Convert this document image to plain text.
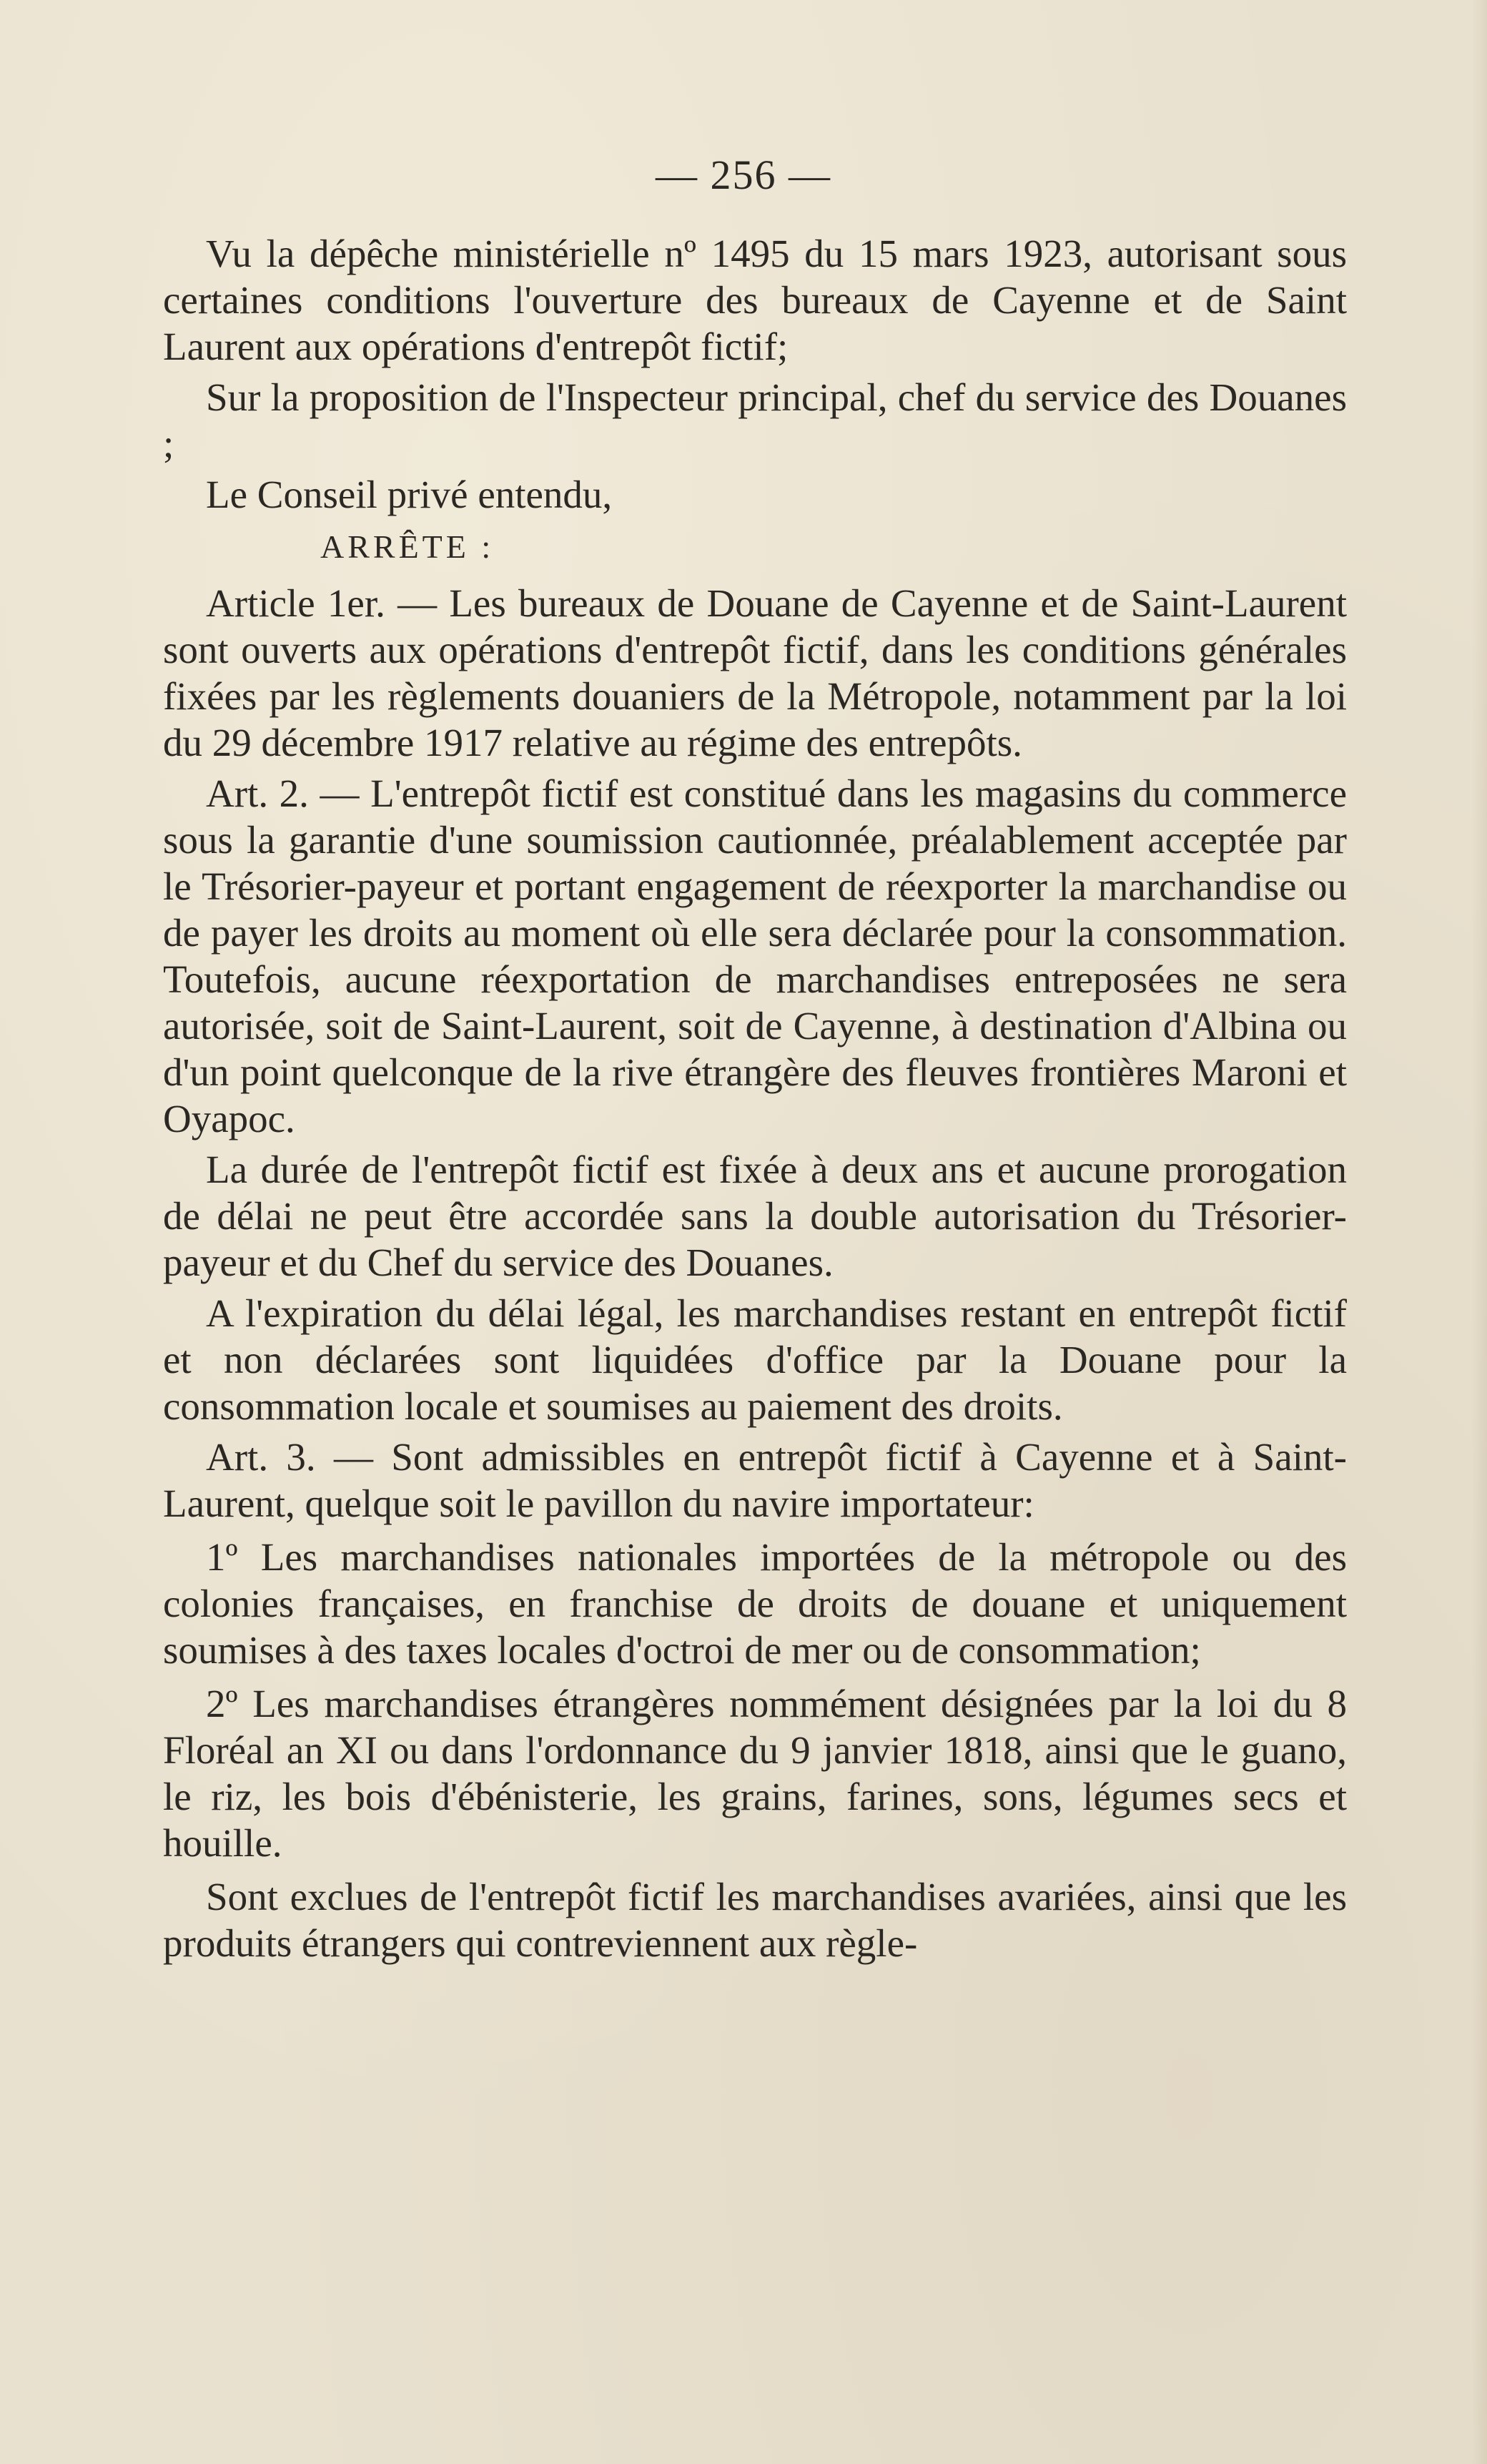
— 256 —

Vu la dépêche ministérielle nº 1495 du 15 mars 1923, autorisant sous certaines conditions l'ouverture des bureaux de Cayenne et de Saint Laurent aux opérations d'entrepôt fictif;

Sur la proposition de l'Inspecteur principal, chef du service des Douanes ;

Le Conseil privé entendu,

ARRÊTE :

Article 1er. — Les bureaux de Douane de Cayenne et de Saint-Laurent sont ouverts aux opérations d'entrepôt fictif, dans les conditions générales fixées par les règlements douaniers de la Métropole, notamment par la loi du 29 décembre 1917 relative au régime des entrepôts.

Art. 2. — L'entrepôt fictif est constitué dans les magasins du commerce sous la garantie d'une soumission cautionnée, préalablement acceptée par le Trésorier-payeur et portant engagement de réexporter la marchandise ou de payer les droits au moment où elle sera déclarée pour la consommation. Toutefois, aucune réexportation de marchandises entreposées ne sera autorisée, soit de Saint-Laurent, soit de Cayenne, à destination d'Albina ou d'un point quelconque de la rive étrangère des fleuves frontières Maroni et Oyapoc.

La durée de l'entrepôt fictif est fixée à deux ans et aucune prorogation de délai ne peut être accordée sans la double autorisation du Trésorier-payeur et du Chef du service des Douanes.

A l'expiration du délai légal, les marchandises restant en entrepôt fictif et non déclarées sont liquidées d'office par la Douane pour la consommation locale et soumises au paiement des droits.

Art. 3. — Sont admissibles en entrepôt fictif à Cayenne et à Saint-Laurent, quelque soit le pavillon du navire importateur:

1º Les marchandises nationales importées de la métropole ou des colonies françaises, en franchise de droits de douane et uniquement soumises à des taxes locales d'octroi de mer ou de consommation;

2º Les marchandises étrangères nommément désignées par la loi du 8 Floréal an XI ou dans l'ordonnance du 9 janvier 1818, ainsi que le guano, le riz, les bois d'ébénisterie, les grains, farines, sons, légumes secs et houille.

Sont exclues de l'entrepôt fictif les marchandises avariées, ainsi que les produits étrangers qui contreviennent aux règle-
